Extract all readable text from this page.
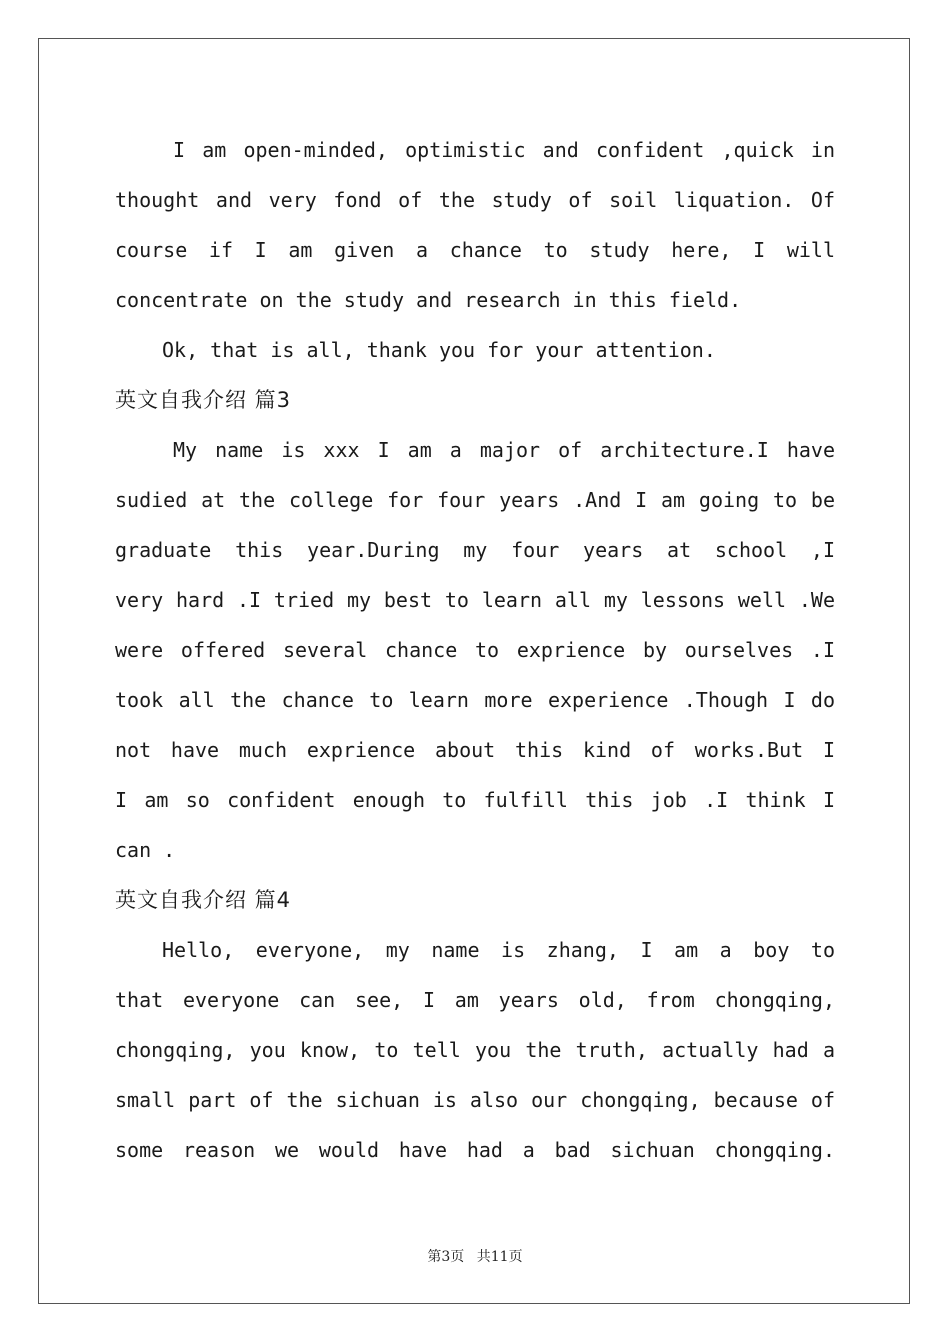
I am open-minded, optimistic and confident ,quick in
thought and very fond of the study of soil liquation. Of
course if I am given a chance to study here, I will
concentrate on the study and research in this field.
Ok, that is all, thank you for your attention.
英文自我介绍 篇3
My name is xxx I am a major of architecture.I have
sudied at the college for four years .And I am going to be
graduate this year.During my four years at school ,I
very hard .I tried my best to learn all my lessons well .We
were offered several chance to exprience by ourselves .I
took all the chance to learn more experience .Though I do
not have much exprience about this kind of works.But I
I am so confident enough to fulfill this job .I think I
can .
英文自我介绍 篇4
Hello, everyone, my name is zhang, I am a boy to
that everyone can see, I am years old, from chongqing,
chongqing, you know, to tell you the truth, actually had a
small part of the sichuan is also our chongqing, because of
some reason we would have had a bad sichuan chongqing.
第3页 共11页
